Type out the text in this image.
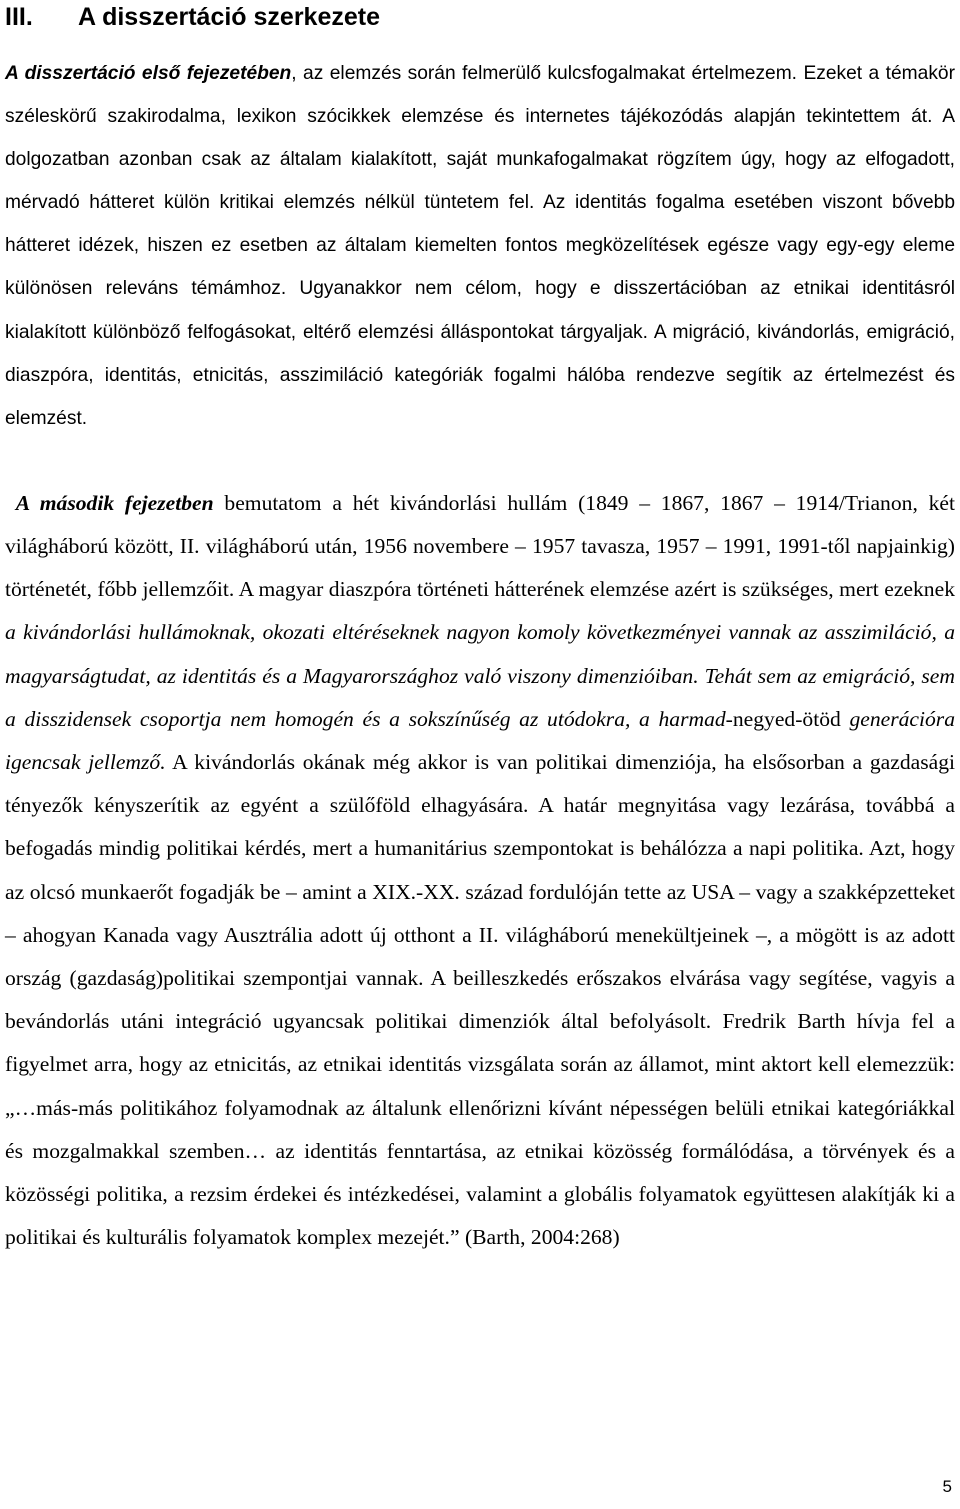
III.	A disszertáció szerkezete

A disszertáció első fejezetében, az elemzés során felmerülő kulcsfogalmakat értelmezem. Ezeket a témakör széleskörű szakirodalma, lexikon szócikkek elemzése és internetes tájékozódás alapján tekintettem át. A dolgozatban azonban csak az általam kialakított, saját munkafogalmakat rögzítem úgy, hogy az elfogadott, mérvadó hátteret külön kritikai elemzés nélkül tüntetem fel. Az identitás fogalma esetében viszont bővebb hátteret idézek, hiszen ez esetben az általam kiemelten fontos megközelítések egésze vagy egy-egy eleme különösen releváns témámhoz. Ugyanakkor nem célom, hogy e disszertációban az etnikai identitásról kialakított különböző felfogásokat, eltérő elemzési álláspontokat tárgyaljak. A migráció, kivándorlás, emigráció, diaszpóra, identitás, etnicitás, asszimiláció kategóriák fogalmi hálóba rendezve segítik az értelmezést és elemzést.

A második fejezetben bemutatom a hét kivándorlási hullám (1849 – 1867, 1867 – 1914/Trianon, két világháború között, II. világháború után, 1956 novembere – 1957 tavasza, 1957 – 1991, 1991-től napjainkig) történetét, főbb jellemzőit. A magyar diaszpóra történeti hátterének elemzése azért is szükséges, mert ezeknek a kivándorlási hullámoknak, okozati eltéréseknek nagyon komoly következményei vannak az asszimiláció, a magyarságtudat, az identitás és a Magyarországhoz való viszony dimenzióiban. Tehát sem az emigráció, sem a disszidensek csoportja nem homogén és a sokszínűség az utódokra, a harmad-negyed-ötöd generációra igencsak jellemző. A kivándorlás okának még akkor is van politikai dimenziója, ha elsősorban a gazdasági tényezők kényszerítik az egyént a szülőföld elhagyására. A határ megnyitása vagy lezárása, továbbá a befogadás mindig politikai kérdés, mert a humanitárius szempontokat is behálózza a napi politika. Azt, hogy az olcsó munkaerőt fogadják be – amint a XIX.-XX. század fordulóján tette az USA – vagy a szakképzetteket – ahogyan Kanada vagy Ausztrália adott új otthont a II. világháború menekültjeinek –, a mögött is az adott ország (gazdaság)politikai szempontjai vannak. A beilleszkedés erőszakos elvárása vagy segítése, vagyis a bevándorlás utáni integráció ugyancsak politikai dimenziók által befolyásolt. Fredrik Barth hívja fel a figyelmet arra, hogy az etnicitás, az etnikai identitás vizsgálata során az államot, mint aktort kell elemezzük: „…más-más politikához folyamodnak az általunk ellenőrizni kívánt népességen belüli etnikai kategóriákkal és mozgalmakkal szemben… az identitás fenntartása, az etnikai közösség formálódása, a törvények és a közösségi politika, a rezsim érdekei és intézkedései, valamint a globális folyamatok együttesen alakítják ki a politikai és kulturális folyamatok komplex mezejét.” (Barth, 2004:268)

5
